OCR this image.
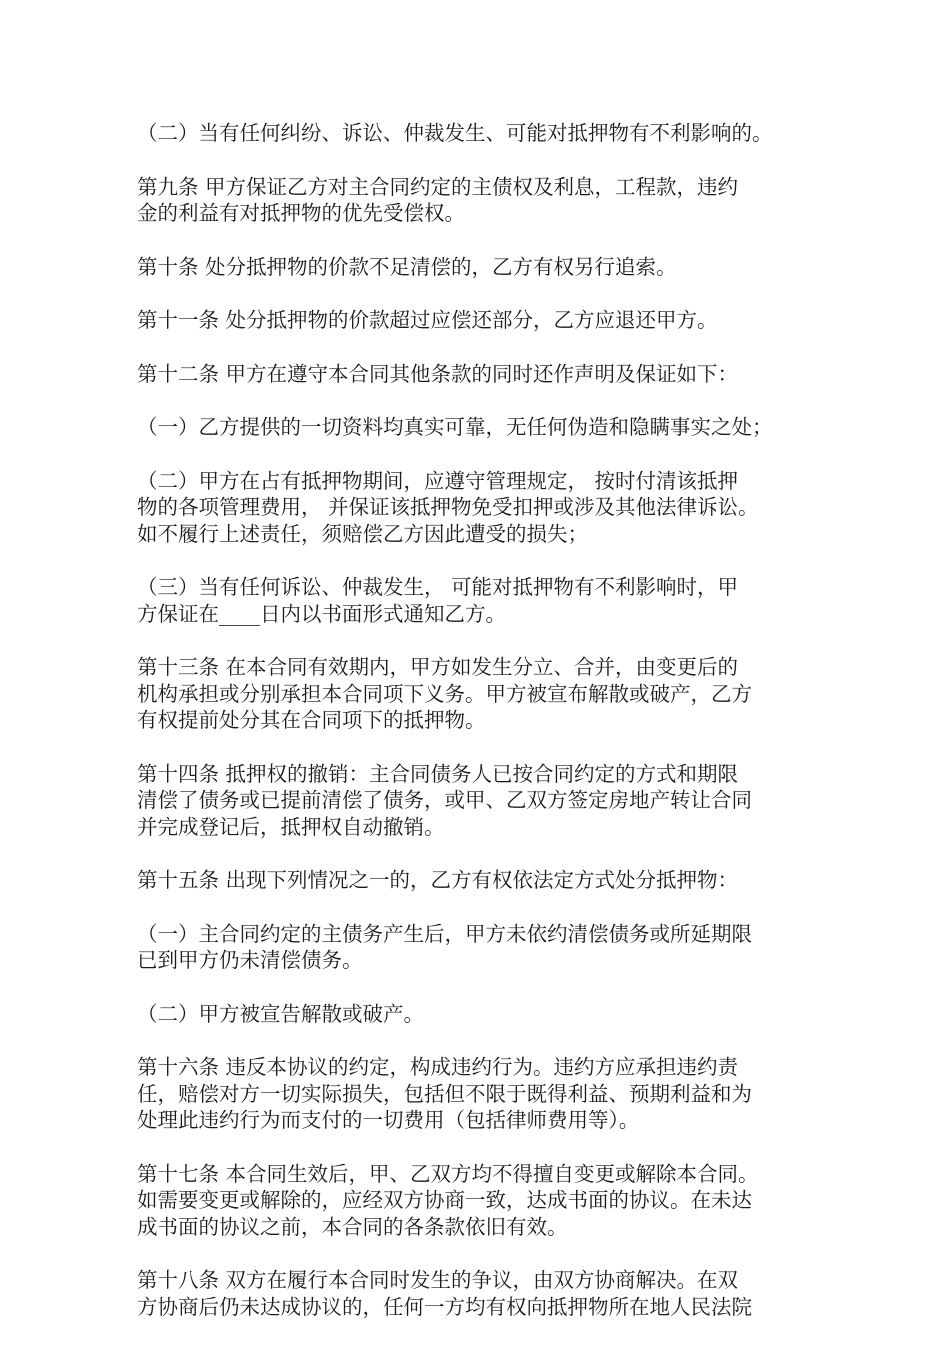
（二）当有任何纠纷、诉讼、仲裁发生、可能对抵押物有不利影响的。

第九条 甲方保证乙方对主合同约定的主债权及利息，工程款，违约
金的利益有对抵押物的优先受偿权。

第十条 处分抵押物的价款不足清偿的，乙方有权另行追索。

第十一条 处分抵押物的价款超过应偿还部分，乙方应退还甲方。

第十二条 甲方在遵守本合同其他条款的同时还作声明及保证如下：

（一）乙方提供的一切资料均真实可靠，无任何伪造和隐瞒事实之处；

（二）甲方在占有抵押物期间，应遵守管理规定， 按时付清该抵押
物的各项管理费用， 并保证该抵押物免受扣押或涉及其他法律诉讼。
如不履行上述责任，须赔偿乙方因此遭受的损失；

（三）当有任何诉讼、仲裁发生， 可能对抵押物有不利影响时，甲
方保证在____日内以书面形式通知乙方。

第十三条 在本合同有效期内，甲方如发生分立、合并，由变更后的
机构承担或分别承担本合同项下义务。甲方被宣布解散或破产，乙方
有权提前处分其在合同项下的抵押物。

第十四条 抵押权的撤销：主合同债务人已按合同约定的方式和期限
清偿了债务或已提前清偿了债务，或甲、乙双方签定房地产转让合同
并完成登记后，抵押权自动撤销。

第十五条 出现下列情况之一的，乙方有权依法定方式处分抵押物：

（一）主合同约定的主债务产生后，甲方未依约清偿债务或所延期限
已到甲方仍未清偿债务。

（二）甲方被宣告解散或破产。

第十六条 违反本协议的约定，构成违约行为。违约方应承担违约责
任，赔偿对方一切实际损失，包括但不限于既得利益、预期利益和为
处理此违约行为而支付的一切费用（包括律师费用等）。

第十七条 本合同生效后，甲、乙双方均不得擅自变更或解除本合同。
如需要变更或解除的，应经双方协商一致，达成书面的协议。在未达
成书面的协议之前，本合同的各条款依旧有效。

第十八条 双方在履行本合同时发生的争议，由双方协商解决。在双
方协商后仍未达成协议的，任何一方均有权向抵押物所在地人民法院
